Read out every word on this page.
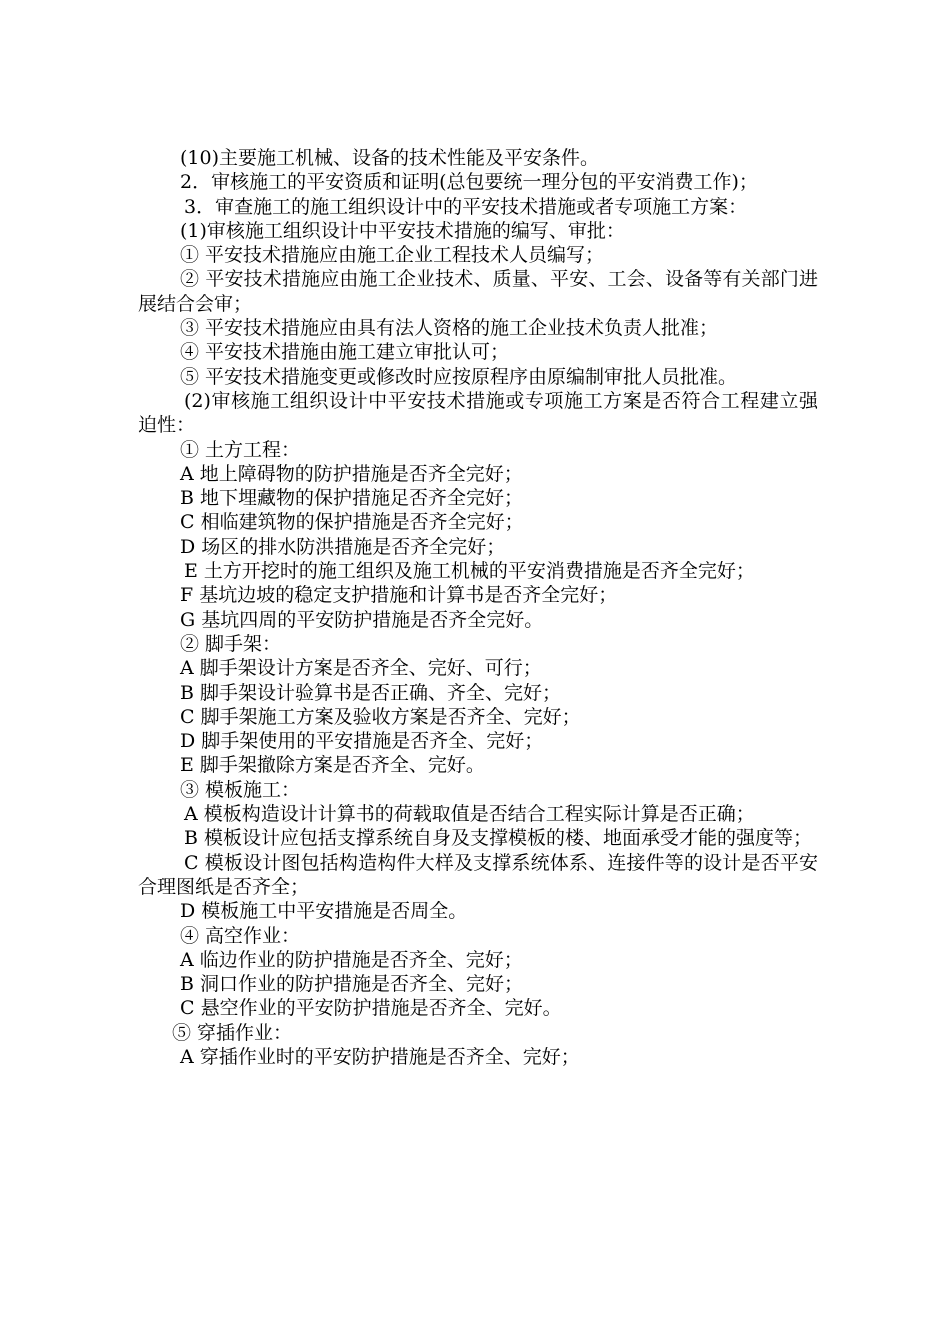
(10)主要施工机械、设备的技术性能及平安条件。

2．审核施工的平安资质和证明(总包要统一理分包的平安消费工作)；

3．审查施工的施工组织设计中的平安技术措施或者专项施工方案：

(1)审核施工组织设计中平安技术措施的编写、审批：

① 平安技术措施应由施工企业工程技术人员编写；

② 平安技术措施应由施工企业技术、质量、平安、工会、设备等有关部门进展结合会审；

③ 平安技术措施应由具有法人资格的施工企业技术负责人批准；

④ 平安技术措施由施工建立审批认可；

⑤ 平安技术措施变更或修改时应按原程序由原编制审批人员批准。

(2)审核施工组织设计中平安技术措施或专项施工方案是否符合工程建立强迫性：

① 土方工程：

A 地上障碍物的防护措施是否齐全完好；

B 地下埋藏物的保护措施足否齐全完好；

C 相临建筑物的保护措施是否齐全完好；

D 场区的排水防洪措施是否齐全完好；

E 土方开挖时的施工组织及施工机械的平安消费措施是否齐全完好；

F 基坑边坡的稳定支护措施和计算书是否齐全完好；

G 基坑四周的平安防护措施是否齐全完好。

② 脚手架：

A 脚手架设计方案是否齐全、完好、可行；

B 脚手架设计验算书是否正确、齐全、完好；

C 脚手架施工方案及验收方案是否齐全、完好；

D 脚手架使用的平安措施是否齐全、完好；

E 脚手架撤除方案是否齐全、完好。

③ 模板施工：

A 模板构造设计计算书的荷载取值是否结合工程实际计算是否正确；

B 模板设计应包括支撑系统自身及支撑模板的楼、地面承受才能的强度等；

C 模板设计图包括构造构件大样及支撑系统体系、连接件等的设计是否平安合理图纸是否齐全；

D 模板施工中平安措施是否周全。

④ 高空作业：

A 临边作业的防护措施是否齐全、完好；

B 洞口作业的防护措施是否齐全、完好；

C 悬空作业的平安防护措施是否齐全、完好。

⑤ 穿插作业：

A 穿插作业时的平安防护措施是否齐全、完好；
